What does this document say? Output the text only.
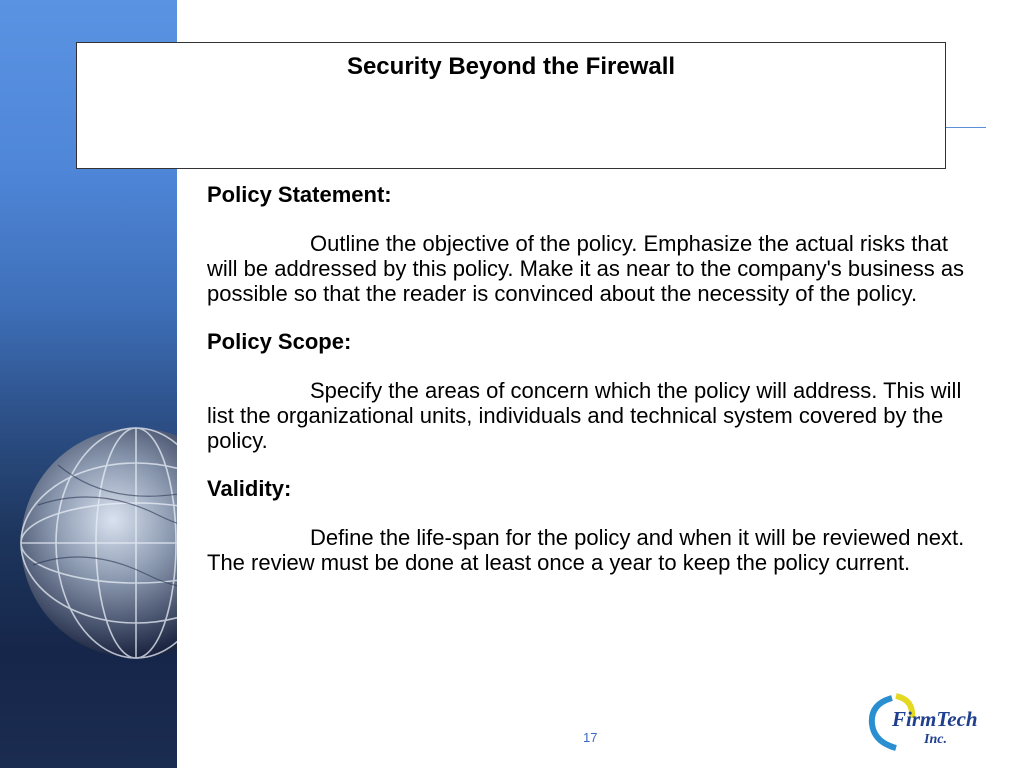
Security Beyond the Firewall
Policy Statement:

Outline the objective of the policy. Emphasize the actual risks that will be addressed by this policy. Make it as near to the company's business as possible so that the reader is convinced about the necessity of the policy.

Policy Scope:

Specify the areas of concern which the policy will address. This will list the organizational units, individuals and technical system covered by the policy.

Validity:

Define the life-span for the policy and when it will be reviewed next. The review must be done at least once a year to keep the policy current.

17
FirmTech
Inc.
